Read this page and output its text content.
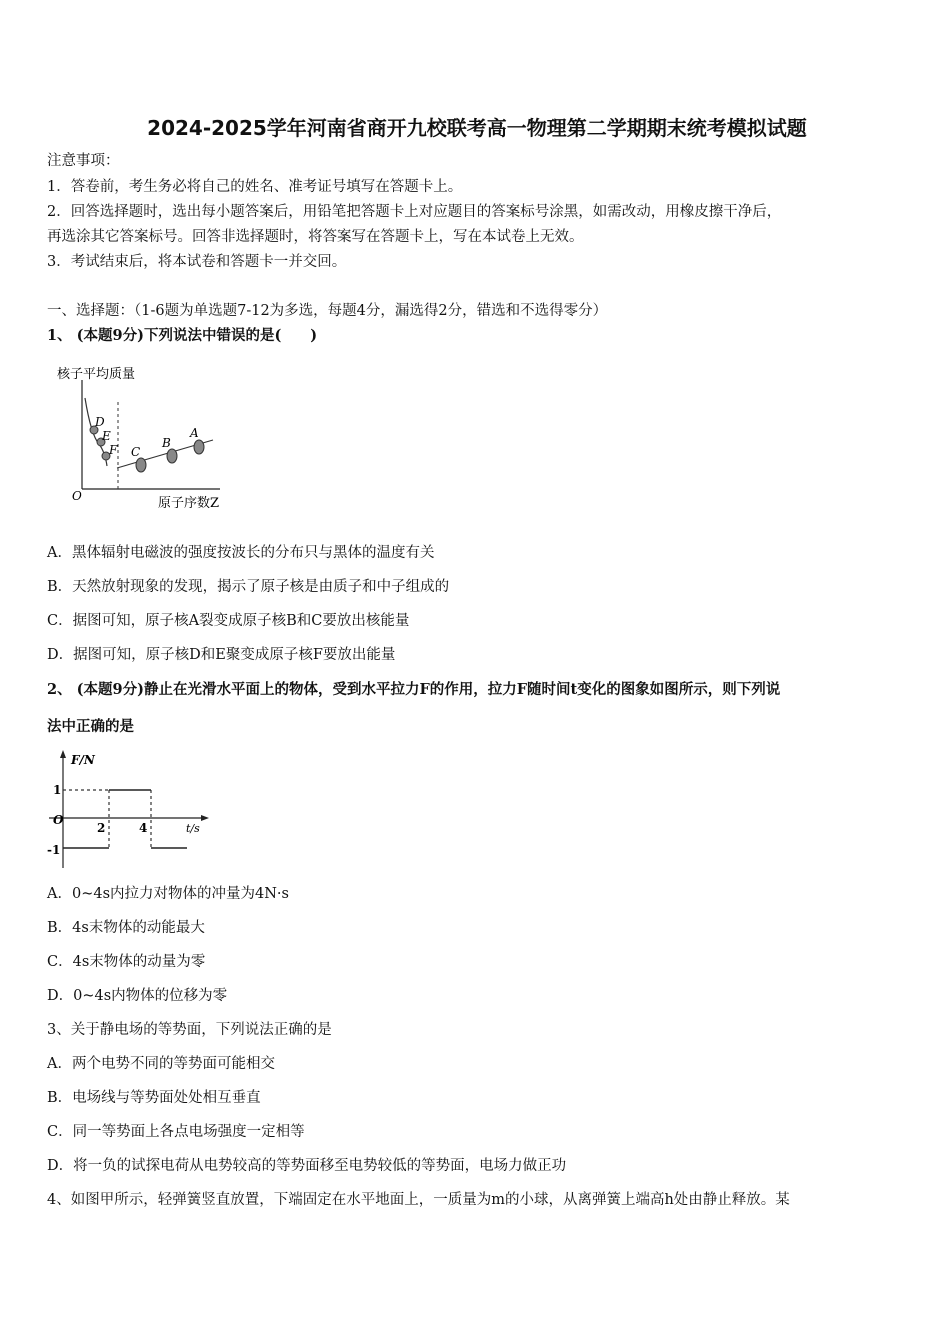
2024-2025学年河南省商开九校联考高一物理第二学期期末统考模拟试题
注意事项：
1．答卷前，考生务必将自己的姓名、准考证号填写在答题卡上。
2．回答选择题时，选出每小题答案后，用铅笔把答题卡上对应题目的答案标号涂黑，如需改动，用橡皮擦干净后，
再选涂其它答案标号。回答非选择题时，将答案写在答题卡上，写在本试卷上无效。
3．考试结束后，将本试卷和答题卡一并交回。
一、选择题：（1-6题为单选题7-12为多选，每题4分，漏选得2分，错选和不选得零分）
1、 (本题9分)下列说法中错误的是(　　)
核子平均质量
O	原子序数Z
D
E
F C
B
A
A．黑体辐射电磁波的强度按波长的分布只与黑体的温度有关
B．天然放射现象的发现，揭示了原子核是由质子和中子组成的
C．据图可知，原子核A裂变成原子核B和C要放出核能量
D．据图可知，原子核D和E聚变成原子核F要放出能量
2、 (本题9分)静止在光滑水平面上的物体，受到水平拉力F的作用，拉力F随时间t变化的图象如图所示，则下列说
法中正确的是
F/N
t/s
O
1
-1
2	4
A．0~4s内拉力对物体的冲量为4N·s
B．4s末物体的动能最大
C．4s末物体的动量为零
D．0~4s内物体的位移为零
3、关于静电场的等势面，下列说法正确的是
A．两个电势不同的等势面可能相交
B．电场线与等势面处处相互垂直
C．同一等势面上各点电场强度一定相等
D．将一负的试探电荷从电势较高的等势面移至电势较低的等势面，电场力做正功
4、如图甲所示，轻弹簧竖直放置，下端固定在水平地面上，一质量为m的小球，从离弹簧上端高h处由静止释放。某
